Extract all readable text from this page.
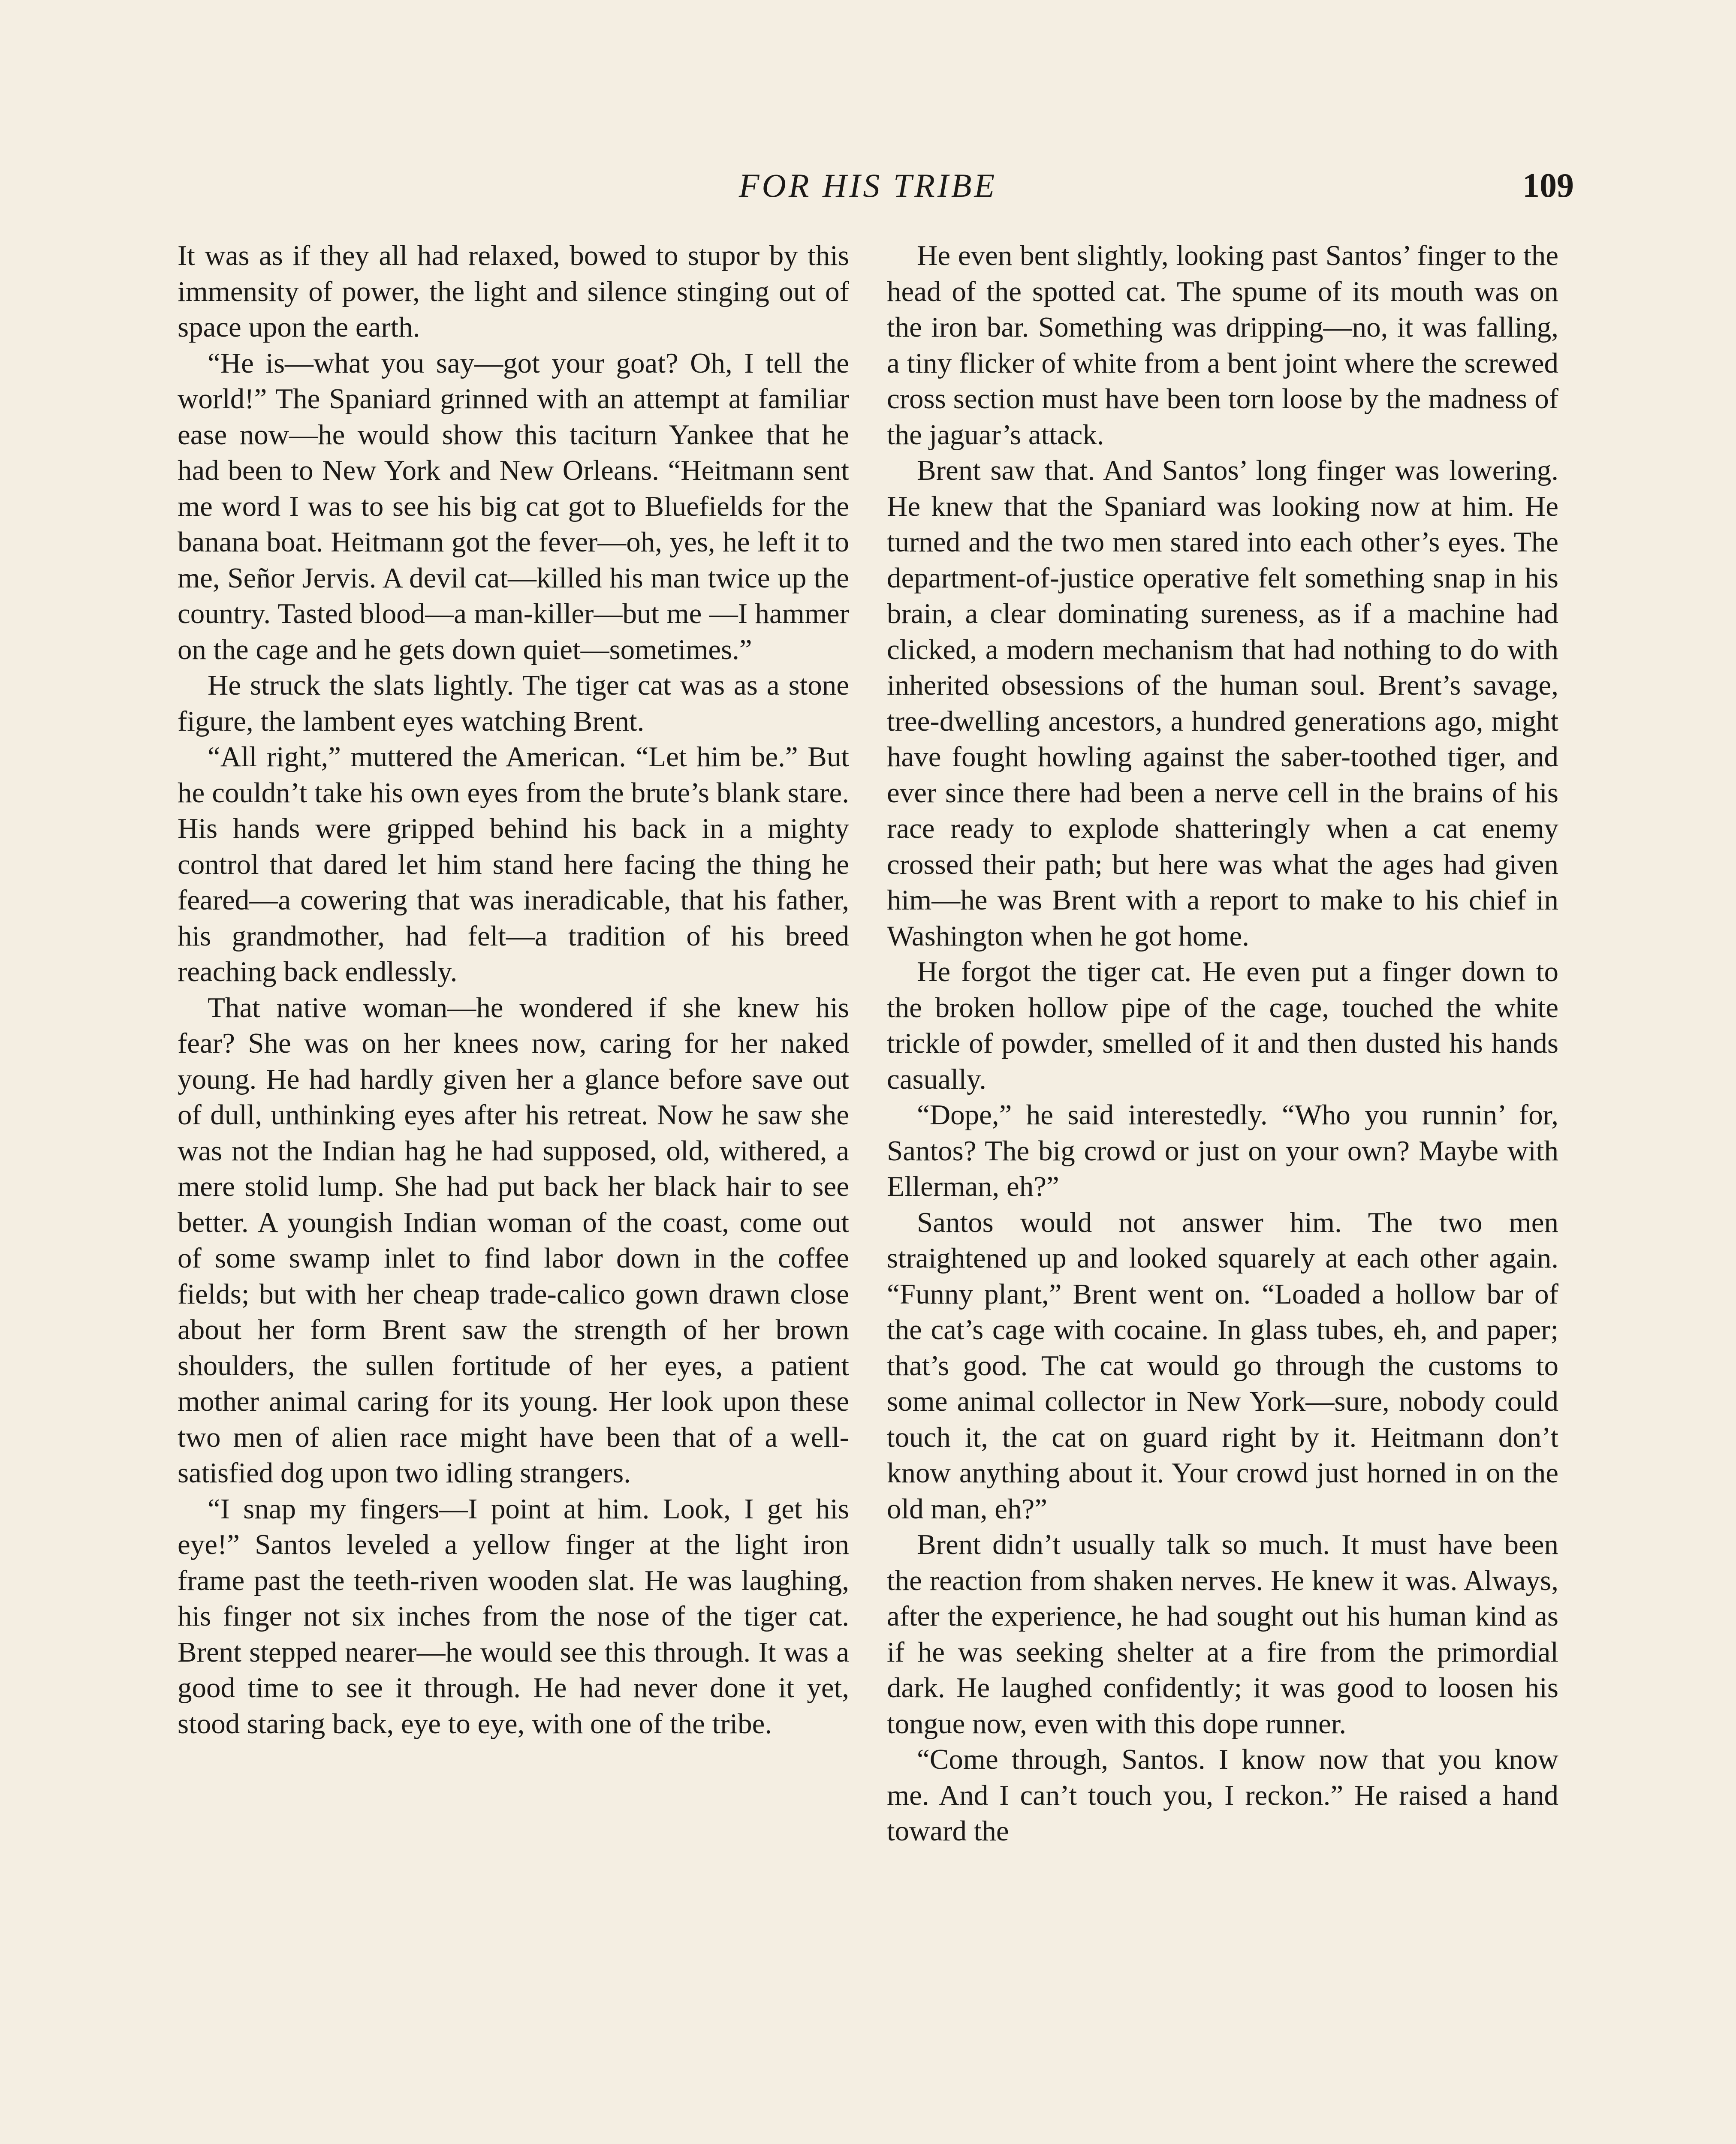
FOR HIS TRIBE	109

It was as if they all had relaxed, bowed to stupor by this immensity of power, the light and silence stinging out of space upon the earth.

“He is—what you say—got your goat? Oh, I tell the world!” The Spaniard grinned with an attempt at familiar ease now—he would show this taciturn Yankee that he had been to New York and New Orleans. “Heitmann sent me word I was to see his big cat got to Bluefields for the banana boat. Heitmann got the fever—oh, yes, he left it to me, Señor Jervis. A devil cat—killed his man twice up the country. Tasted blood—a man-killer—but me —I hammer on the cage and he gets down quiet—sometimes.”

He struck the slats lightly. The tiger cat was as a stone figure, the lambent eyes watching Brent.

“All right,” muttered the American. “Let him be.” But he couldn’t take his own eyes from the brute’s blank stare. His hands were gripped behind his back in a mighty control that dared let him stand here facing the thing he feared—a cowering that was ineradicable, that his father, his grandmother, had felt—a tradition of his breed reaching back endlessly.

That native woman—he wondered if she knew his fear? She was on her knees now, caring for her naked young. He had hardly given her a glance before save out of dull, unthinking eyes after his retreat. Now he saw she was not the Indian hag he had supposed, old, withered, a mere stolid lump. She had put back her black hair to see better. A youngish Indian woman of the coast, come out of some swamp inlet to find labor down in the coffee fields; but with her cheap trade-calico gown drawn close about her form Brent saw the strength of her brown shoulders, the sullen fortitude of her eyes, a patient mother animal caring for its young. Her look upon these two men of alien race might have been that of a well-satisfied dog upon two idling strangers.

“I snap my fingers—I point at him. Look, I get his eye!” Santos leveled a yellow finger at the light iron frame past the teeth-riven wooden slat. He was laughing, his finger not six inches from the nose of the tiger cat. Brent stepped nearer—he would see this through. It was a good time to see it through. He had never done it yet, stood staring back, eye to eye, with one of the tribe.

He even bent slightly, looking past Santos’ finger to the head of the spotted cat. The spume of its mouth was on the iron bar. Something was dripping—no, it was falling, a tiny flicker of white from a bent joint where the screwed cross section must have been torn loose by the madness of the jaguar’s attack.

Brent saw that. And Santos’ long finger was lowering. He knew that the Spaniard was looking now at him. He turned and the two men stared into each other’s eyes. The department-of-justice operative felt something snap in his brain, a clear dominating sureness, as if a machine had clicked, a modern mechanism that had nothing to do with inherited obsessions of the human soul. Brent’s savage, tree-dwelling ancestors, a hundred generations ago, might have fought howling against the saber-toothed tiger, and ever since there had been a nerve cell in the brains of his race ready to explode shatteringly when a cat enemy crossed their path; but here was what the ages had given him—he was Brent with a report to make to his chief in Washington when he got home.

He forgot the tiger cat. He even put a finger down to the broken hollow pipe of the cage, touched the white trickle of powder, smelled of it and then dusted his hands casually.

“Dope,” he said interestedly. “Who you runnin’ for, Santos? The big crowd or just on your own? Maybe with Ellerman, eh?”

Santos would not answer him. The two men straightened up and looked squarely at each other again. “Funny plant,” Brent went on. “Loaded a hollow bar of the cat’s cage with cocaine. In glass tubes, eh, and paper; that’s good. The cat would go through the customs to some animal collector in New York—sure, nobody could touch it, the cat on guard right by it. Heitmann don’t know anything about it. Your crowd just horned in on the old man, eh?”

Brent didn’t usually talk so much. It must have been the reaction from shaken nerves. He knew it was. Always, after the experience, he had sought out his human kind as if he was seeking shelter at a fire from the primordial dark. He laughed confidently; it was good to loosen his tongue now, even with this dope runner.

“Come through, Santos. I know now that you know me. And I can’t touch you, I reckon.” He raised a hand toward the
